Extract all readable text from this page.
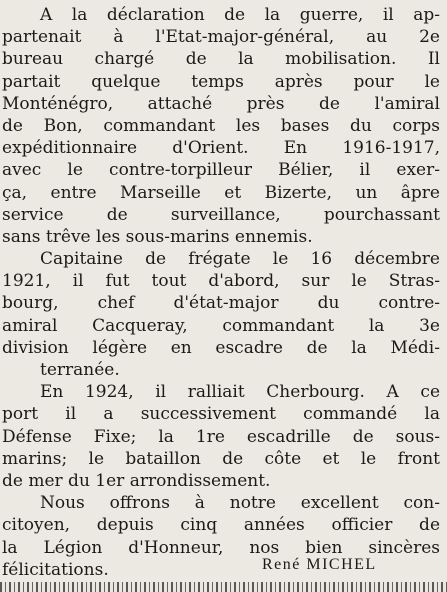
A la déclaration de la guerre, il ap-
partenait à l'Etat-major-général, au 2e
bureau chargé de la mobilisation. Il
partait quelque temps après pour le
Monténégro, attaché près de l'amiral
de Bon, commandant les bases du corps
expéditionnaire d'Orient. En 1916-1917,
avec le contre-torpilleur Bélier, il exer-
ça, entre Marseille et Bizerte, un âpre
service de surveillance, pourchassant
sans trêve les sous-marins ennemis.
Capitaine de frégate le 16 décembre
1921, il fut tout d'abord, sur le Stras-
bourg, chef d'état-major du contre-
amiral Cacqueray, commandant la 3e
division légère en escadre de la Médi-
terranée.
En 1924, il ralliait Cherbourg. A ce
port il a successivement commandé la
Défense Fixe; la 1re escadrille de sous-
marins; le bataillon de côte et le front
de mer du 1er arrondissement.
Nous offrons à notre excellent con-
citoyen, depuis cinq années officier de
la Légion d'Honneur, nos bien sincères
félicitations.	René MICHEL
